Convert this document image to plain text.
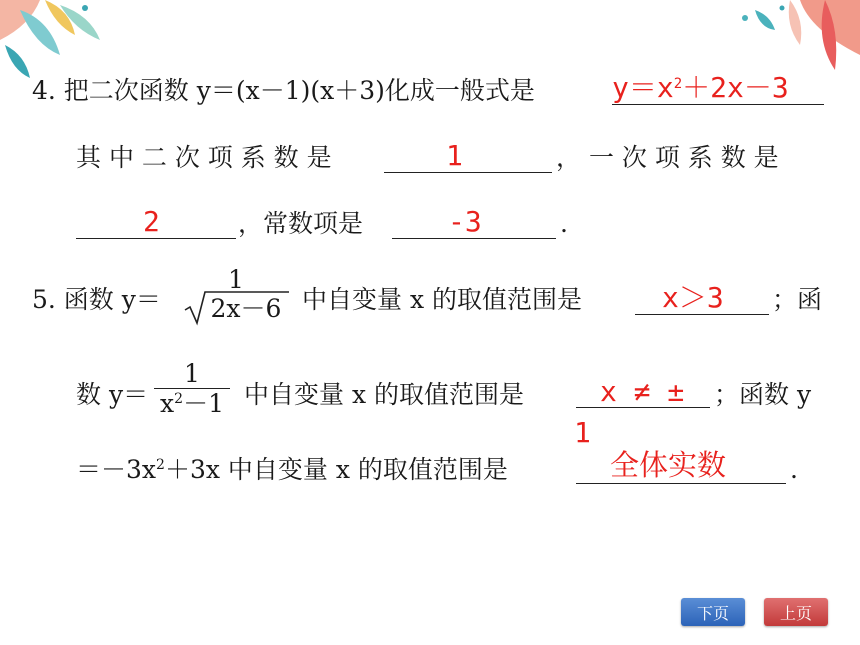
4. 把二次函数 y＝(x－1)(x＋3)化成一般式是	$y=x^2+2x-3$
其 中 二 次 项 系 数 是	1	， 一 次 项 系 数 是
2	，常数项是	-3	.
5. 函数 y＝
1
2x－6 中自变量 x 的取值范围是	x＞3 ；函
数 y＝
1
$x^2-1$ 中自变量 x 的取值范围是	x ≠ ±
1
；函数 y
$=-3x^2+3x$ 中自变量 x 的取值范围是	全体实数	.
下页	上页
